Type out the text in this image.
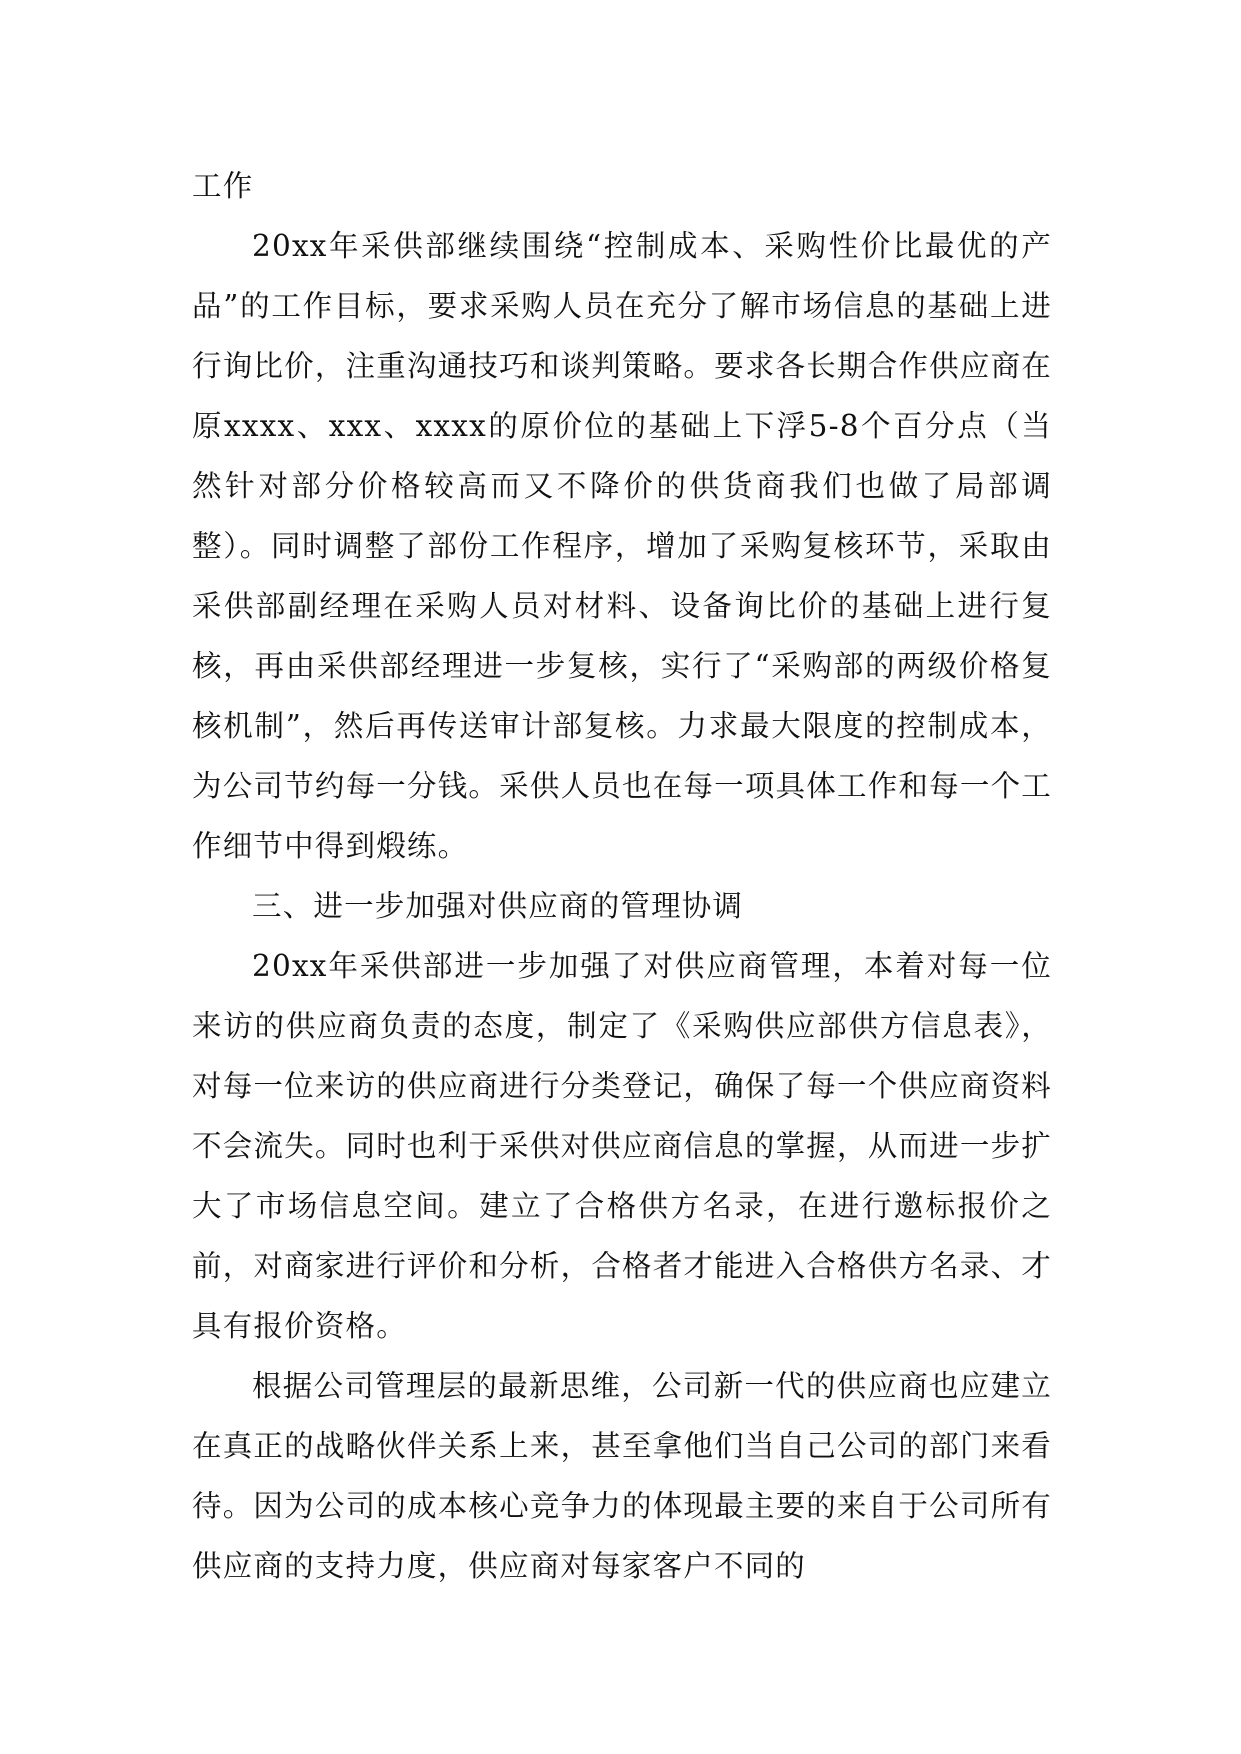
工作

20xx年采供部继续围绕“控制成本、采购性价比最优的产品”的工作目标，要求采购人员在充分了解市场信息的基础上进行询比价，注重沟通技巧和谈判策略。要求各长期合作供应商在原xxxx、xxx、xxxx的原价位的基础上下浮5-8个百分点（当然针对部分价格较高而又不降价的供货商我们也做了局部调整）。同时调整了部份工作程序，增加了采购复核环节，采取由采供部副经理在采购人员对材料、设备询比价的基础上进行复核，再由采供部经理进一步复核，实行了“采购部的两级价格复核机制”，然后再传送审计部复核。力求最大限度的控制成本，为公司节约每一分钱。采供人员也在每一项具体工作和每一个工作细节中得到煅练。

三、进一步加强对供应商的管理协调

20xx年采供部进一步加强了对供应商管理，本着对每一位来访的供应商负责的态度，制定了《采购供应部供方信息表》，对每一位来访的供应商进行分类登记，确保了每一个供应商资料不会流失。同时也利于采供对供应商信息的掌握，从而进一步扩大了市场信息空间。建立了合格供方名录，在进行邀标报价之前，对商家进行评价和分析，合格者才能进入合格供方名录、才具有报价资格。

根据公司管理层的最新思维，公司新一代的供应商也应建立在真正的战略伙伴关系上来，甚至拿他们当自己公司的部门来看待。因为公司的成本核心竞争力的体现最主要的来自于公司所有供应商的支持力度，供应商对每家客户不同的
